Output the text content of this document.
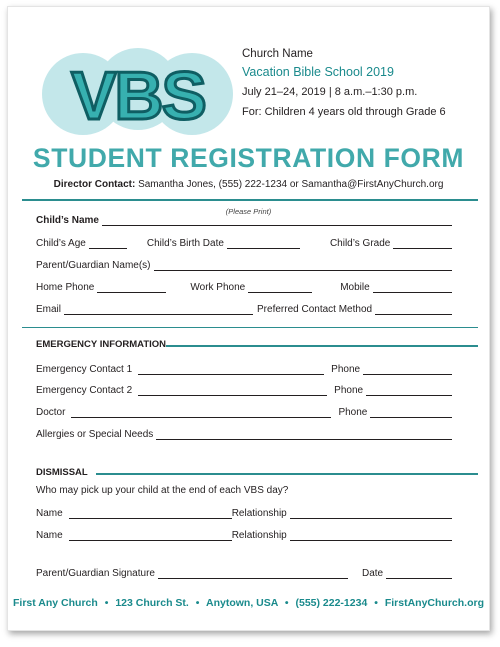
VBS
Church Name
Vacation Bible School 2019
July 21–24, 2019 | 8 a.m.–1:30 p.m.
For: Children 4 years old through Grade 6
STUDENT REGISTRATION FORM
Director Contact: Samantha Jones, (555) 222-1234 or Samantha@FirstAnyChurch.org
(Please Print)
Child’s Name
Child’s Age	Child’s Birth Date	Child’s Grade
Parent/Guardian Name(s)
Home Phone	Work Phone	Mobile
Email	Preferred Contact Method
EMERGENCY INFORMATION
Emergency Contact 1	Phone
Emergency Contact 2	Phone
Doctor	Phone
Allergies or Special Needs
DISMISSAL
Who may pick up your child at the end of each VBS day?
Name	Relationship
Name	Relationship
Parent/Guardian Signature	Date
First Any Church • 123 Church St. • Anytown, USA • (555) 222-1234 • FirstAnyChurch.org
